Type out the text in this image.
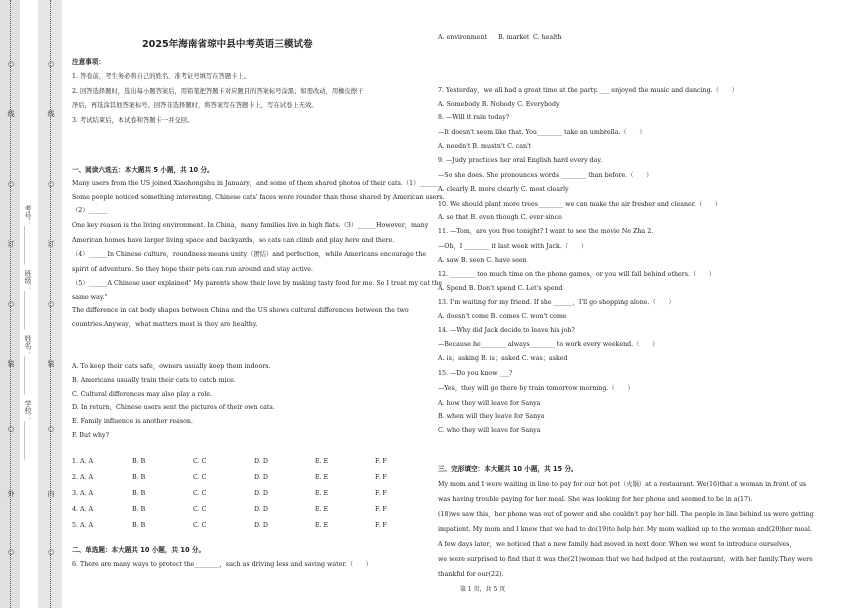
○
线
○
订
○
装
○
外
○
考号：___________
班级：___________
姓名：___________
学校：___________
○
线
○
订
○
装
○
内
○
2025年海南省琼中县中考英语三模试卷
注意事项：
1. 答卷前，考生务必将自己的姓名、准考证号填写在答题卡上。
2. 回答选择题时，选出每小题答案后，用铅笔把答题卡对应题目的答案标号涂黑；如需改动，用橡皮擦干
净后，再选涂其他答案标号。回答非选择题时，将答案写在答题卡上，写在试卷上无效。
3. 考试结束后，本试卷和答题卡一并交回。
一、阅读六选五：本大题共 5 小题，共 10 分。
Many users from the US joined Xiaohongshu in January，and some of them shared photos of their cats.（1）______
Some people noticed something interesting. Chinese cats' faces were rounder than those shared by American users.
（2）______
One key reason is the living environment. In China，many families live in high flats.（3）______However，many
American homes have larger living space and backyards，so cats can climb and play here and there.
（4）______In Chinese culture，roundness means unity（团结）and perfection，while Americans encourage the
spirit of adventure. So they hope their pets can run around and stay active.
（5）______A Chinese user explained" My parents show their love by making tasty food for me. So I treat my cat the
same way."
The difference in cat body shapes between China and the US shows cultural differences between the two
countries.Anyway，what matters most is they are healthy.
A. To keep their cats safe，owners usually keep them indoors.
B. Americans usually train their cats to catch mice.
C. Cultural differences may also play a role.
D. In return，Chinese users sent the pictures of their own cats.
E. Family influence is another reason.
F. But why?
1. A. A	B. B	C. C	D. D	E. E	F. F
2. A. A	B. B	C. C	D. D	E. E	F. F
3. A. A	B. B	C. C	D. D	E. E	F. F
4. A. A	B. B	C. C	D. D	E. E	F. F
5. A. A	B. B	C. C	D. D	E. E	F. F
二、单选题：本大题共 10 小题，共 10 分。
6. There are many ways to protect the________，such as driving less and saving water.（　　）
A. environment B. market C. health
7. Yesterday，we all had a great time at the party. ___ enjoyed the music and dancing.（　　）
A. Somebody B. Nobody C. Everybody
8. —Will it rain today?
—It doesn't seem like that. You________ take an umbrella.（　　）
A. needn't B. mustn't C. can't
9. —Judy practices her oral English hard every day.
—So she does. She pronounces words ________ than before.（　　）
A. clearly B. more clearly C. most clearly
10. We should plant more trees________ we can make the air fresher and cleaner.（　　）
A. so that B. even though C. ever since
11. —Tom，are you free tonight? I want to see the movie Ne Zha 2.
—Oh，I ________ it last week with Jack.（　　）
A. saw B. seen C. have seen
12. ________ too much time on the phone games，or you will fall behind others.（　　）
A. Spend B. Don't spend C. Let's spend
13. I'm waiting for my friend. If she ______，I'll go shopping alone.（　　）
A. doesn't come B. comes C. won't come
14. —Why did Jack decide to leave his job?
—Because he________ always________ to work every weekend.（　　）
A. is；asking B. is；asked C. was；asked
15. —Do you know ___?
—Yes，they will go there by train tomorrow morning.（　　）
A. how they will leave for Sanya
B. when will they leave for Sanya
C. who they will leave for Sanya
三、完形填空：本大题共 10 小题，共 15 分。
My mom and I were waiting in line to pay for our hot pot（火锅）at a restaurant. We(16)that a woman in front of us
was having trouble paying for her meal. She was looking for her phone and seemed to be in a(17).
(18)we saw this，her phone was out of power and she couldn't pay her bill. The people in line behind us were getting
impatient. My mom and I knew that we had to do(19)to help her. My mom walked up to the woman and(20)her meal.
A few days later，we noticed that a new family had moved in next door. When we went to introduce ourselves，
we were surprised to find that it was the(21)woman that we had helped at the restaurant，with her family.They were
thankful for our(22).
第 1 页，共 5 页
